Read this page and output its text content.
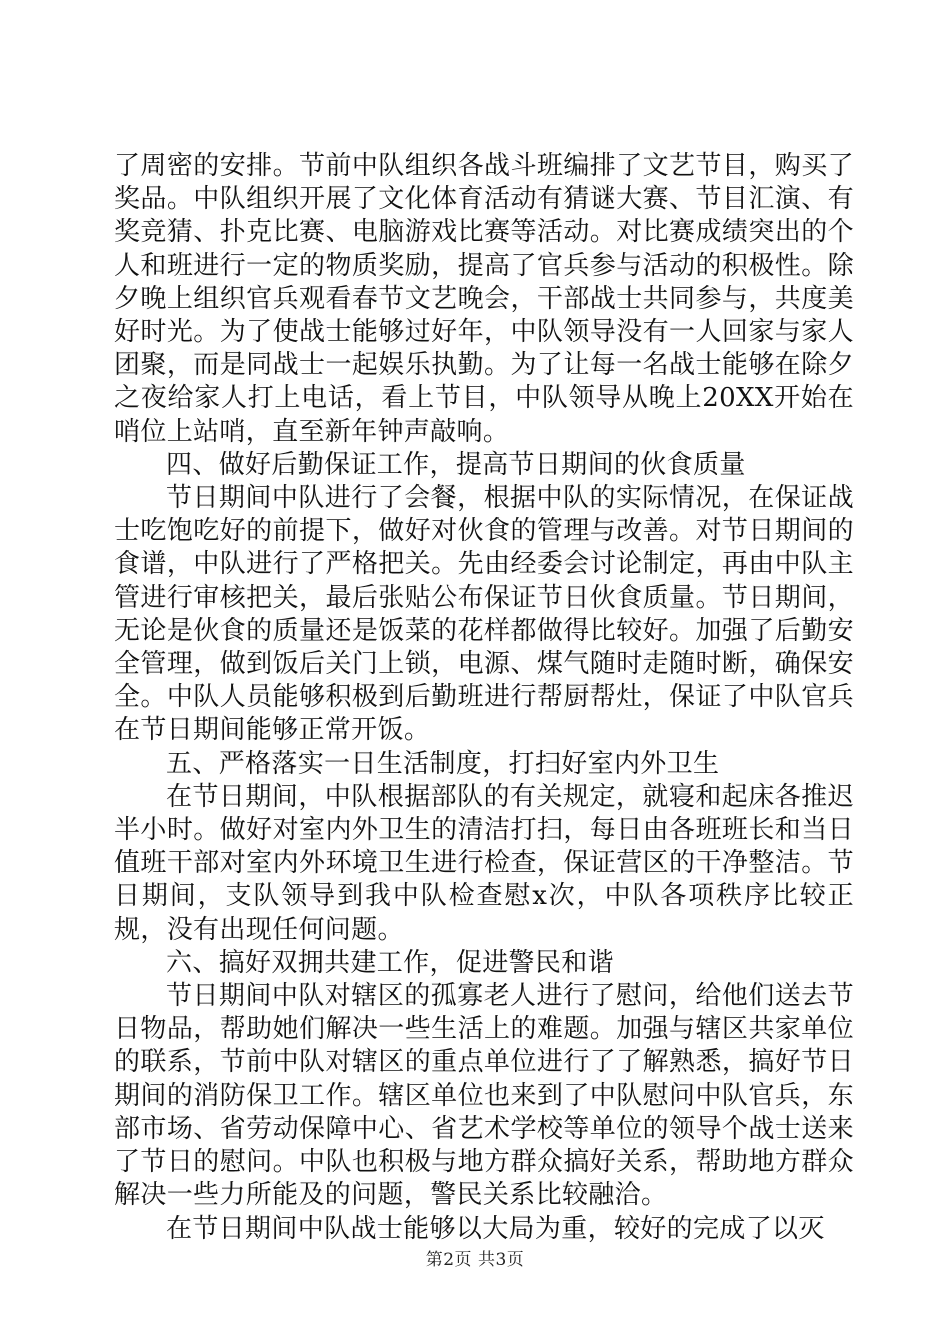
了周密的安排。节前中队组织各战斗班编排了文艺节目，购买了奖品。中队组织开展了文化体育活动有猜谜大赛、节目汇演、有奖竞猜、扑克比赛、电脑游戏比赛等活动。对比赛成绩突出的个人和班进行一定的物质奖励，提高了官兵参与活动的积极性。除夕晚上组织官兵观看春节文艺晚会，干部战士共同参与，共度美好时光。为了使战士能够过好年，中队领导没有一人回家与家人团聚，而是同战士一起娱乐执勤。为了让每一名战士能够在除夕之夜给家人打上电话，看上节目，中队领导从晚上20XX开始在哨位上站哨，直至新年钟声敲响。

四、做好后勤保证工作，提高节日期间的伙食质量

节日期间中队进行了会餐，根据中队的实际情况，在保证战士吃饱吃好的前提下，做好对伙食的管理与改善。对节日期间的食谱，中队进行了严格把关。先由经委会讨论制定，再由中队主管进行审核把关，最后张贴公布保证节日伙食质量。节日期间，无论是伙食的质量还是饭菜的花样都做得比较好。加强了后勤安全管理，做到饭后关门上锁，电源、煤气随时走随时断，确保安全。中队人员能够积极到后勤班进行帮厨帮灶，保证了中队官兵在节日期间能够正常开饭。

五、严格落实一日生活制度，打扫好室内外卫生

在节日期间，中队根据部队的有关规定，就寝和起床各推迟半小时。做好对室内外卫生的清洁打扫，每日由各班班长和当日值班干部对室内外环境卫生进行检查，保证营区的干净整洁。节日期间，支队领导到我中队检查慰x次，中队各项秩序比较正规，没有出现任何问题。

六、搞好双拥共建工作，促进警民和谐

节日期间中队对辖区的孤寡老人进行了慰问，给他们送去节日物品，帮助她们解决一些生活上的难题。加强与辖区共家单位的联系，节前中队对辖区的重点单位进行了了解熟悉，搞好节日期间的消防保卫工作。辖区单位也来到了中队慰问中队官兵，东部市场、省劳动保障中心、省艺术学校等单位的领导个战士送来了节日的慰问。中队也积极与地方群众搞好关系，帮助地方群众解决一些力所能及的问题，警民关系比较融洽。

在节日期间中队战士能够以大局为重，较好的完成了以灭

第2页 共3页
